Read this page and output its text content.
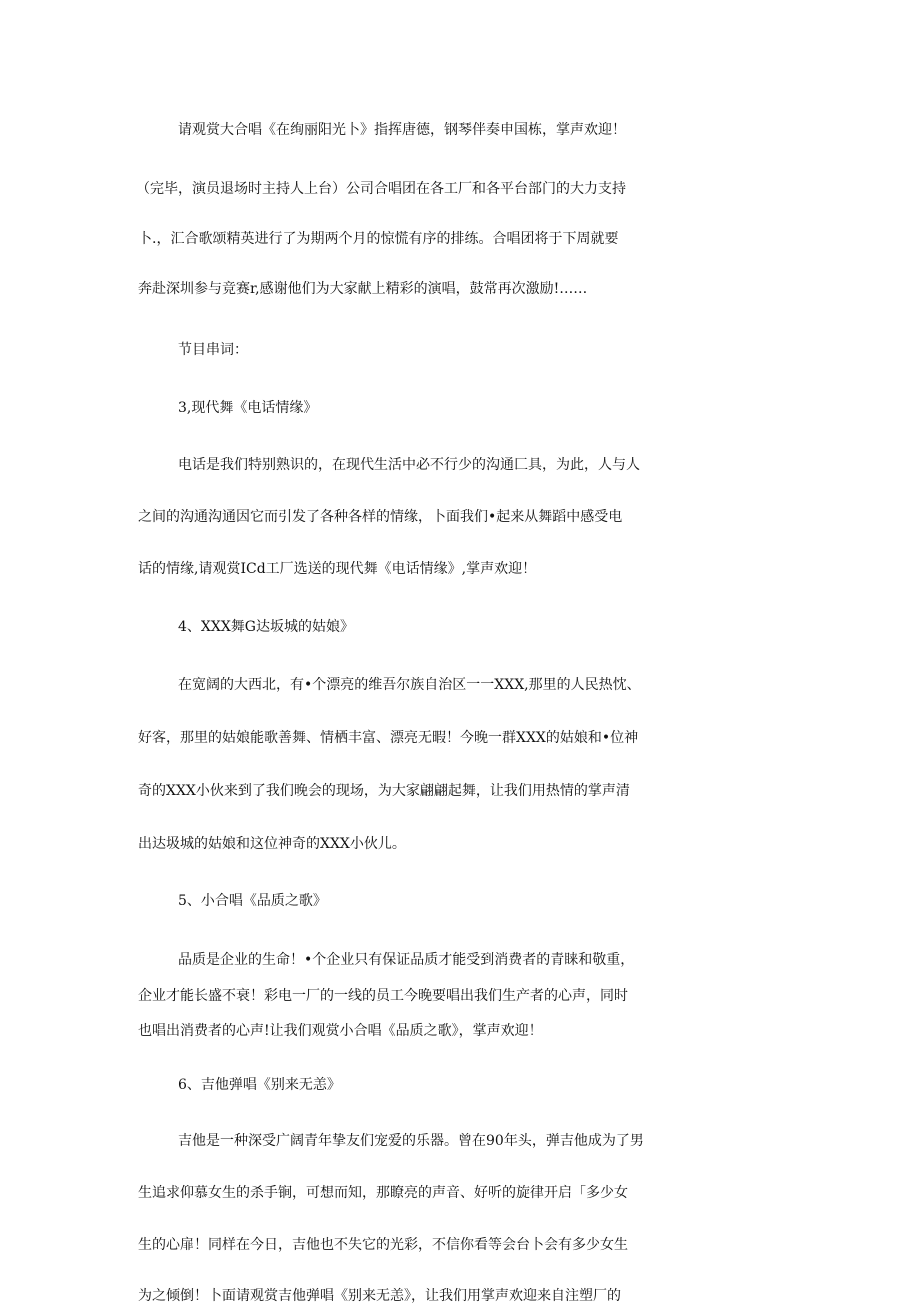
请观赏大合唱《在绚丽阳光卜》指挥唐德，钢琴伴奏申国栋，掌声欢迎！
（完毕，演员退场时主持人上台）公司合唱团在各工厂和各平台部门的大力支持
卜.，汇合歌颂精英进行了为期两个月的惊慌有序的排练。合唱团将于下周就要
奔赴深圳参与竞赛r,感谢他们为大家献上精彩的演唱，鼓常再次激励!……
节目串词：
3,现代舞《电话情缘》
电话是我们特别熟识的，在现代生活中必不行少的沟通匚具，为此，人与人
之间的沟通沟通因它而引发了各种各样的情缘，卜面我们•起来从舞蹈中感受电
话的情缘,请观赏ICd工厂选送的现代舞《电话情缘》,掌声欢迎！
4、XXX舞G达坂城的姑娘》
在宽阔的大西北，有•个漂亮的维吾尔族自治区一一XXX,那里的人民热忱、
好客，那里的姑娘能歌善舞、情栖丰富、漂亮无暇！今晚一群XXX的姑娘和•位神
奇的XXX小伙来到了我们晚会的现场，为大家翩翩起舞，让我们用热情的掌声清
出达圾城的姑娘和这位神奇的XXX小伙儿。
5、小合唱《品质之歌》
品质是企业的生命！•个企业只有保证品质才能受到消费者的青睐和敬重，
企业才能长盛不衰！彩电一厂的一线的员工今晚要唱出我们生产者的心声，同时
也唱出消费者的心声!让我们观赏小合唱《品质之歌》，掌声欢迎！
6、吉他弹唱《别来无恙》
吉他是一种深受广阔青年挚友们宠爱的乐器。曾在90年头，弹吉他成为了男
生追求仰慕女生的杀手锏，可想而知，那瞭亮的声音、好听的旋律开启「多少女
生的心扉！同样在今日，吉他也不失它的光彩，不信你看等会台卜会有多少女生
为之倾倒！卜面请观赏吉他弹唱《别来无恙》，让我们用掌声欢迎来自注塑厂的
